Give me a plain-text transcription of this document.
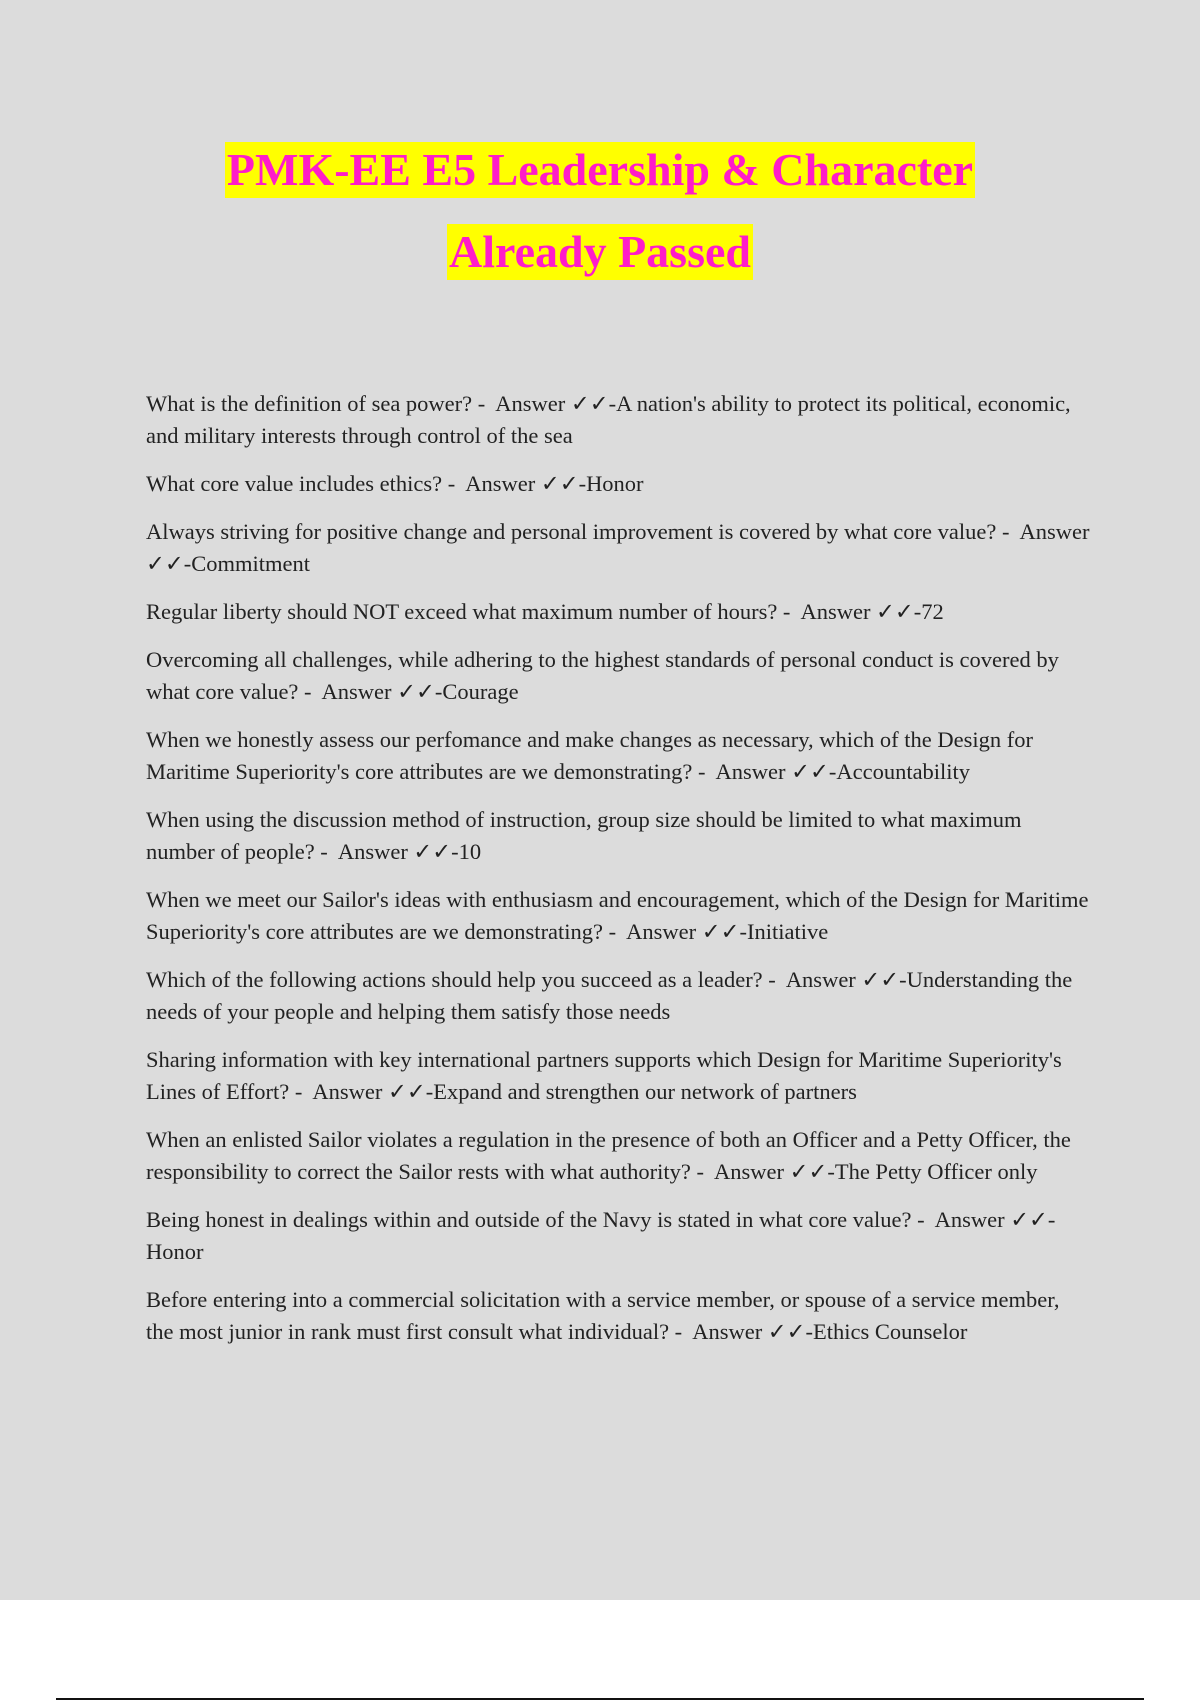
PMK-EE E5 Leadership & Character
Already Passed

What is the definition of sea power? - Answer ✓✓-A nation's ability to protect its political, economic, and military interests through control of the sea

What core value includes ethics? - Answer ✓✓-Honor

Always striving for positive change and personal improvement is covered by what core value? - Answer ✓✓-Commitment

Regular liberty should NOT exceed what maximum number of hours? - Answer ✓✓-72

Overcoming all challenges, while adhering to the highest standards of personal conduct is covered by what core value? - Answer ✓✓-Courage

When we honestly assess our perfomance and make changes as necessary, which of the Design for Maritime Superiority's core attributes are we demonstrating? - Answer ✓✓-Accountability

When using the discussion method of instruction, group size should be limited to what maximum number of people? - Answer ✓✓-10

When we meet our Sailor's ideas with enthusiasm and encouragement, which of the Design for Maritime Superiority's core attributes are we demonstrating? - Answer ✓✓-Initiative

Which of the following actions should help you succeed as a leader? - Answer ✓✓-Understanding the needs of your people and helping them satisfy those needs

Sharing information with key international partners supports which Design for Maritime Superiority's Lines of Effort? - Answer ✓✓-Expand and strengthen our network of partners

When an enlisted Sailor violates a regulation in the presence of both an Officer and a Petty Officer, the responsibility to correct the Sailor rests with what authority? - Answer ✓✓-The Petty Officer only

Being honest in dealings within and outside of the Navy is stated in what core value? - Answer ✓✓-Honor

Before entering into a commercial solicitation with a service member, or spouse of a service member, the most junior in rank must first consult what individual? - Answer ✓✓-Ethics Counselor
